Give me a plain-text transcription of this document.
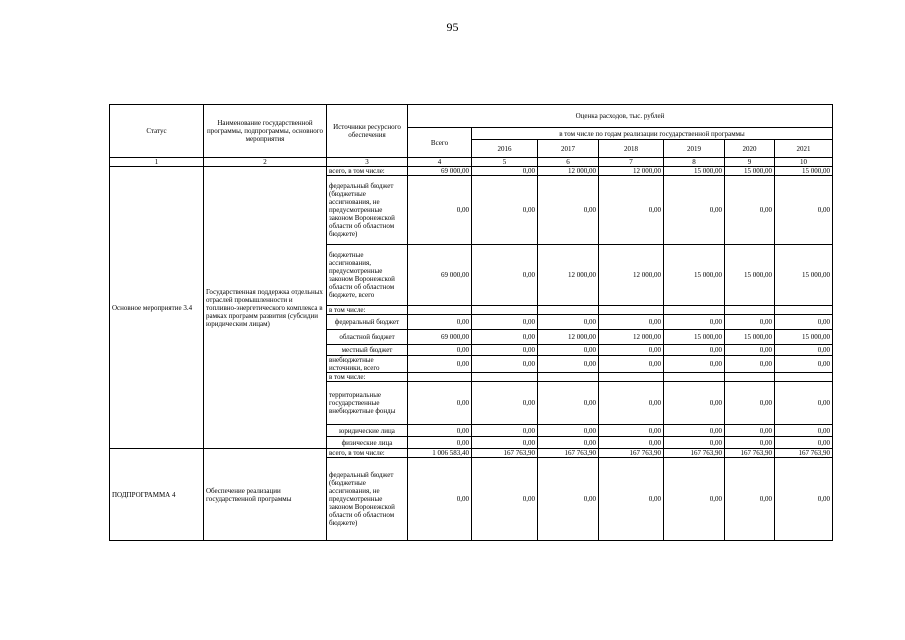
95
Статус	Наименование государственной программы, подпрограммы, основного мероприятия	Источники ресурсного обеспечения	Оценка расходов, тыс. рублей						
			Всего	в том числе по годам реализации государственной программы					
				2016	2017	2018	2019	2020	2021
1	2	3	4	5	6	7	8	9	10
Основное мероприятие 3.4	Государственная поддержка отдельных отраслей промышленности и топливно-энергетического комплекса в рамках программ развития (субсидии юридическим лицам)	всего, в том числе:	69 000,00	0,00	12 000,00	12 000,00	15 000,00	15 000,00	15 000,00
		федеральный бюджет (бюджетные ассигнования, не предусмотренные законом Воронежской области об областном бюджете)	0,00	0,00	0,00	0,00	0,00	0,00	0,00
		бюджетные ассигнования, предусмотренные законом Воронежской области об областном бюджете, всего	69 000,00	0,00	12 000,00	12 000,00	15 000,00	15 000,00	15 000,00
		в том числе:							
		федеральный бюджет	0,00	0,00	0,00	0,00	0,00	0,00	0,00
		областной бюджет	69 000,00	0,00	12 000,00	12 000,00	15 000,00	15 000,00	15 000,00
		местный бюджет	0,00	0,00	0,00	0,00	0,00	0,00	0,00
		внебюджетные источники, всего	0,00	0,00	0,00	0,00	0,00	0,00	0,00
		в том числе:							
		территориальные государственные внебюджетные фонды	0,00	0,00	0,00	0,00	0,00	0,00	0,00
		юридические лица	0,00	0,00	0,00	0,00	0,00	0,00	0,00
		физические лица	0,00	0,00	0,00	0,00	0,00	0,00	0,00
ПОДПРОГРАММА 4	Обеспечение реализации государственной программы	всего, в том числе:	1 006 583,40	167 763,90	167 763,90	167 763,90	167 763,90	167 763,90	167 763,90
		федеральный бюджет (бюджетные ассигнования, не предусмотренные законом Воронежской области об областном бюджете)	0,00	0,00	0,00	0,00	0,00	0,00	0,00
